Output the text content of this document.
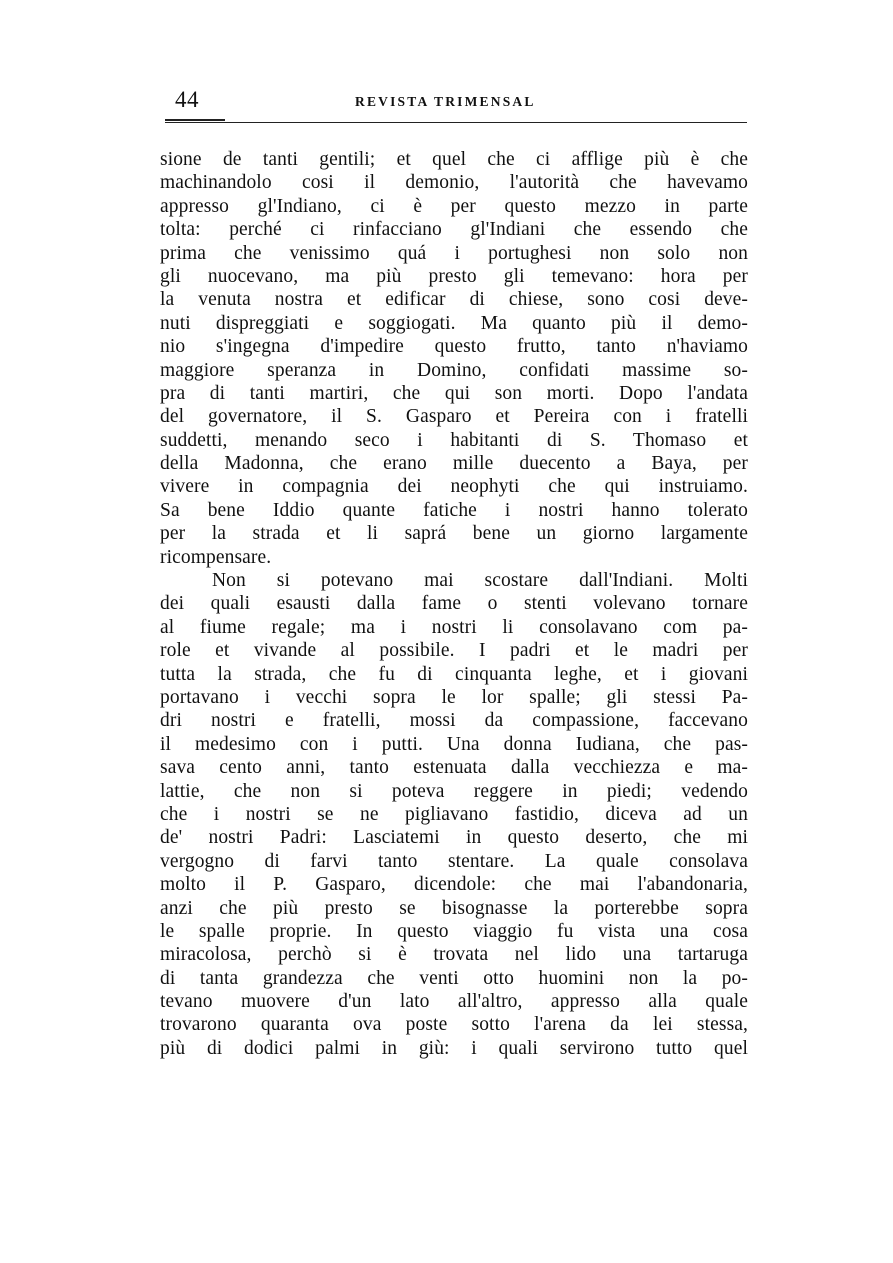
44	REVISTA TRIMENSAL
sione de tanti gentili; et quel che ci afflige più è che
machinandolo cosi il demonio, l'autorità che havevamo
appresso gl'Indiano, ci è per questo mezzo in parte
tolta: perché ci rinfacciano gl'Indiani che essendo che
prima che venissimo quá i portughesi non solo non
gli nuocevano, ma più presto gli temevano: hora per
la venuta nostra et edificar di chiese, sono cosi deve-
nuti dispreggiati e soggiogati. Ma quanto più il demo-
nio s'ingegna d'impedire questo frutto, tanto n'haviamo
maggiore speranza in Domino, confidati massime so-
pra di tanti martiri, che qui son morti. Dopo l'andata
del governatore, il S. Gasparo et Pereira con i fratelli
suddetti, menando seco i habitanti di S. Thomaso et
della Madonna, che erano mille duecento a Baya, per
vivere in compagnia dei neophyti che qui instruiamo.
Sa bene Iddio quante fatiche i nostri hanno tolerato
per la strada et li saprá bene un giorno largamente
ricompensare.
Non si potevano mai scostare dall'Indiani. Molti
dei quali esausti dalla fame o stenti volevano tornare
al fiume regale; ma i nostri li consolavano com pa-
role et vivande al possibile. I padri et le madri per
tutta la strada, che fu di cinquanta leghe, et i giovani
portavano i vecchi sopra le lor spalle; gli stessi Pa-
dri nostri e fratelli, mossi da compassione, faccevano
il medesimo con i putti. Una donna Iudiana, che pas-
sava cento anni, tanto estenuata dalla vecchiezza e ma-
lattie, che non si poteva reggere in piedi; vedendo
che i nostri se ne pigliavano fastidio, diceva ad un
de' nostri Padri: Lasciatemi in questo deserto, che mi
vergogno di farvi tanto stentare. La quale consolava
molto il P. Gasparo, dicendole: che mai l'abandonaria,
anzi che più presto se bisognasse la porterebbe sopra
le spalle proprie. In questo viaggio fu vista una cosa
miracolosa, perchò si è trovata nel lido una tartaruga
di tanta grandezza che venti otto huomini non la po-
tevano muovere d'un lato all'altro, appresso alla quale
trovarono quaranta ova poste sotto l'arena da lei stessa,
più di dodici palmi in giù: i quali servirono tutto quel
